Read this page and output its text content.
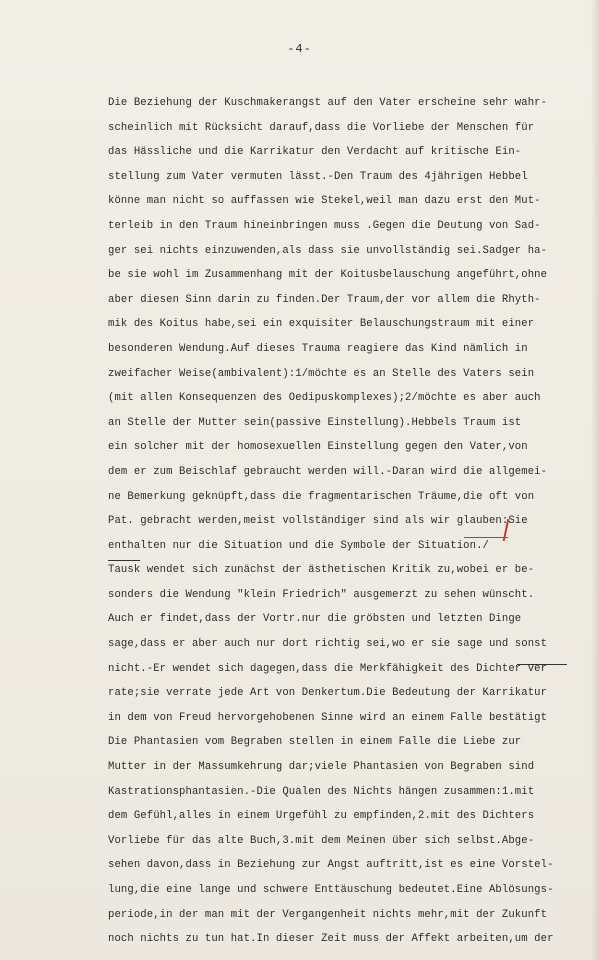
-4-
Die Beziehung der Kuschmakerangst auf den Vater erscheine sehr wahr-
scheinlich mit Rücksicht darauf,dass die Vorliebe der Menschen für
das Hässliche und die Karrikatur den Verdacht auf kritische Ein-
stellung zum Vater vermuten lässt.-Den Traum des 4jährigen Hebbel
könne man nicht so auffassen wie Stekel,weil man dazu erst den Mut-
terleib in den Traum hineinbringen muss .Gegen die Deutung von Sad-
ger sei nichts einzuwenden,als dass sie unvollständig sei.Sadger ha-
be sie wohl im Zusammenhang mit der Koitusbelauschung angeführt,ohne
aber diesen Sinn darin zu finden.Der Traum,der vor allem die Rhyth-
mik des Koitus habe,sei ein exquisiter Belauschungstraum mit einer
besonderen Wendung.Auf dieses Trauma reagiere das Kind nämlich in
zweifacher Weise(ambivalent):1/möchte es an Stelle des Vaters sein
(mit allen Konsequenzen des Oedipuskomplexes);2/möchte es aber auch
an Stelle der Mutter sein(passive Einstellung).Hebbels Traum ist
ein solcher mit der homosexuellen Einstellung gegen den Vater,von
dem er zum Beischlaf gebraucht werden will.-Daran wird die allgemei-
ne Bemerkung geknüpft,dass die fragmentarischen Träume,die oft von
Pat. gebracht werden,meist vollständiger sind als wir glauben:Sie
enthalten nur die Situation und die Symbole der Situation./
Tausk wendet sich zunächst der ästhetischen Kritik zu,wobei er be-
sonders die Wendung "klein Friedrich" ausgemerzt zu sehen wünscht.
Auch er findet,dass der Vortr.nur die gröbsten und letzten Dinge
sage,dass er aber auch nur dort richtig sei,wo er sie sage und sonst
nicht.-Er wendet sich dagegen,dass die Merkfähigkeit des Dichter ver
rate;sie verrate jede Art von Denkertum.Die Bedeutung der Karrikatur
in dem von Freud hervorgehobenen Sinne wird an einem Falle bestätigt
Die Phantasien vom Begraben stellen in einem Falle die Liebe zur
Mutter in der Massumkehrung dar;viele Phantasien von Begraben sind
Kastrationsphantasien.-Die Qualen des Nichts hängen zusammen:1.mit
dem Gefühl,alles in einem Urgefühl zu empfinden,2.mit des Dichters
Vorliebe für das alte Buch,3.mit dem Meinen über sich selbst.Abge-
sehen davon,dass in Beziehung zur Angst auftritt,ist es eine Vorstel-
lung,die eine lange und schwere Enttäuschung bedeutet.Eine Ablösungs-
periode,in der man mit der Vergangenheit nichts mehr,mit der Zukunft
noch nichts zu tun hat.In dieser Zeit muss der Affekt arbeiten,um der
